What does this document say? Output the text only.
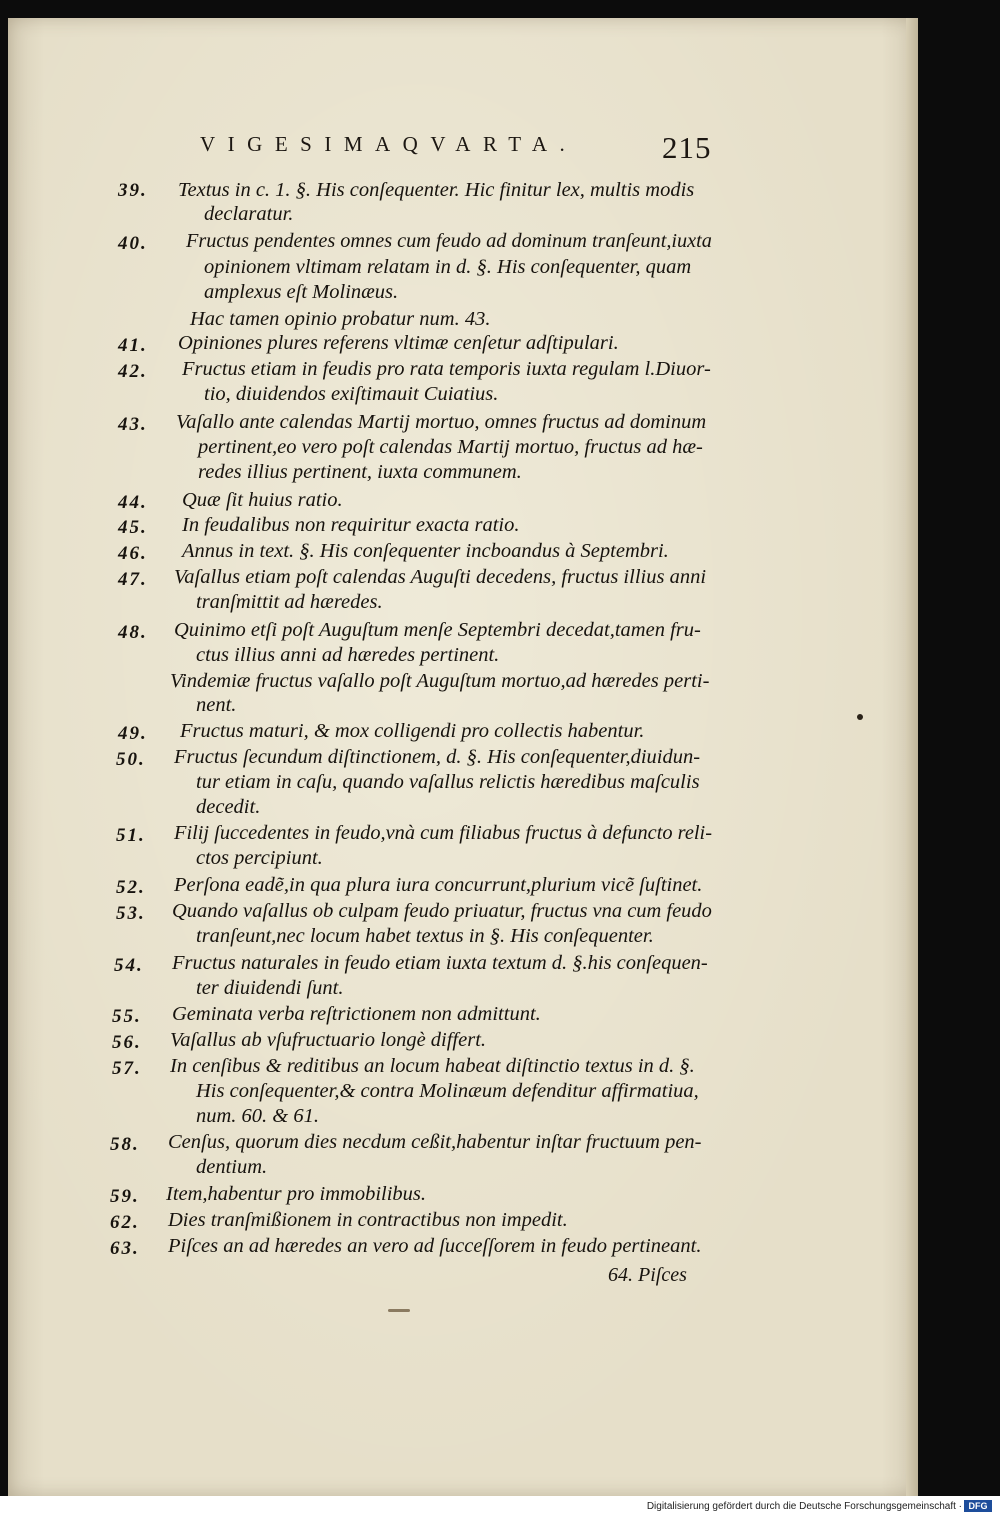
VIGESIMAQVARTA.	215
39.	Textus in c. 1. §. His conſequenter. Hic finitur lex, multis modis
declaratur.
40.	Fructus pendentes omnes cum feudo ad dominum tranſeunt,iuxta
opinionem vltimam relatam in d. §. His conſequenter, quam
amplexus eſt Molinæus.
Hac tamen opinio probatur num. 43.
41.	Opiniones plures referens vltimæ cenſetur adſtipulari.
42.	Fructus etiam in feudis pro rata temporis iuxta regulam l.Diuor-
tio, diuidendos exiſtimauit Cuiatius.
43.	Vaſallo ante calendas Martij mortuo, omnes fructus ad dominum
pertinent,eo vero poſt calendas Martij mortuo, fructus ad hæ-
redes illius pertinent, iuxta communem.
44.	Quæ ſit huius ratio.
45.	In feudalibus non requiritur exacta ratio.
46.	Annus in text. §. His conſequenter incboandus à Septembri.
47.	Vaſallus etiam poſt calendas Auguſti decedens, fructus illius anni
tranſmittit ad hæredes.
48.	Quinimo etſi poſt Auguſtum menſe Septembri decedat,tamen fru-
ctus illius anni ad hæredes pertinent.
Vindemiæ fructus vaſallo poſt Auguſtum mortuo,ad hæredes perti-
nent.
49.	Fructus maturi, & mox colligendi pro collectis habentur.
50.	Fructus ſecundum diſtinctionem, d. §. His conſequenter,diuidun-
tur etiam in caſu, quando vaſallus relictis hæredibus maſculis
decedit.
51.	Filij ſuccedentes in feudo,vnà cum filiabus fructus à defuncto reli-
ctos percipiunt.
52.	Perſona eadẽ,in qua plura iura concurrunt,plurium vicẽ ſuſtinet.
53.	Quando vaſallus ob culpam feudo priuatur, fructus vna cum feudo
tranſeunt,nec locum habet textus in §. His conſequenter.
54.	Fructus naturales in feudo etiam iuxta textum d. §.his conſequen-
ter diuidendi ſunt.
55.	Geminata verba reſtrictionem non admittunt.
56.	Vaſallus ab vſufructuario longè differt.
57.	In cenſibus & reditibus an locum habeat diſtinctio textus in d. §.
His conſequenter,& contra Molinæum defenditur affirmatiua,
num. 60. & 61.
58.	Cenſus, quorum dies necdum ceßit,habentur inſtar fructuum pen-
dentium.
59.	Item,habentur pro immobilibus.
62.	Dies tranſmißionem in contractibus non impedit.
63.	Piſces an ad hæredes an vero ad ſucceſſorem in feudo pertineant.
64. Piſces
Digitalisierung gefördert durch die Deutsche Forschungsgemeinschaft · DFG
